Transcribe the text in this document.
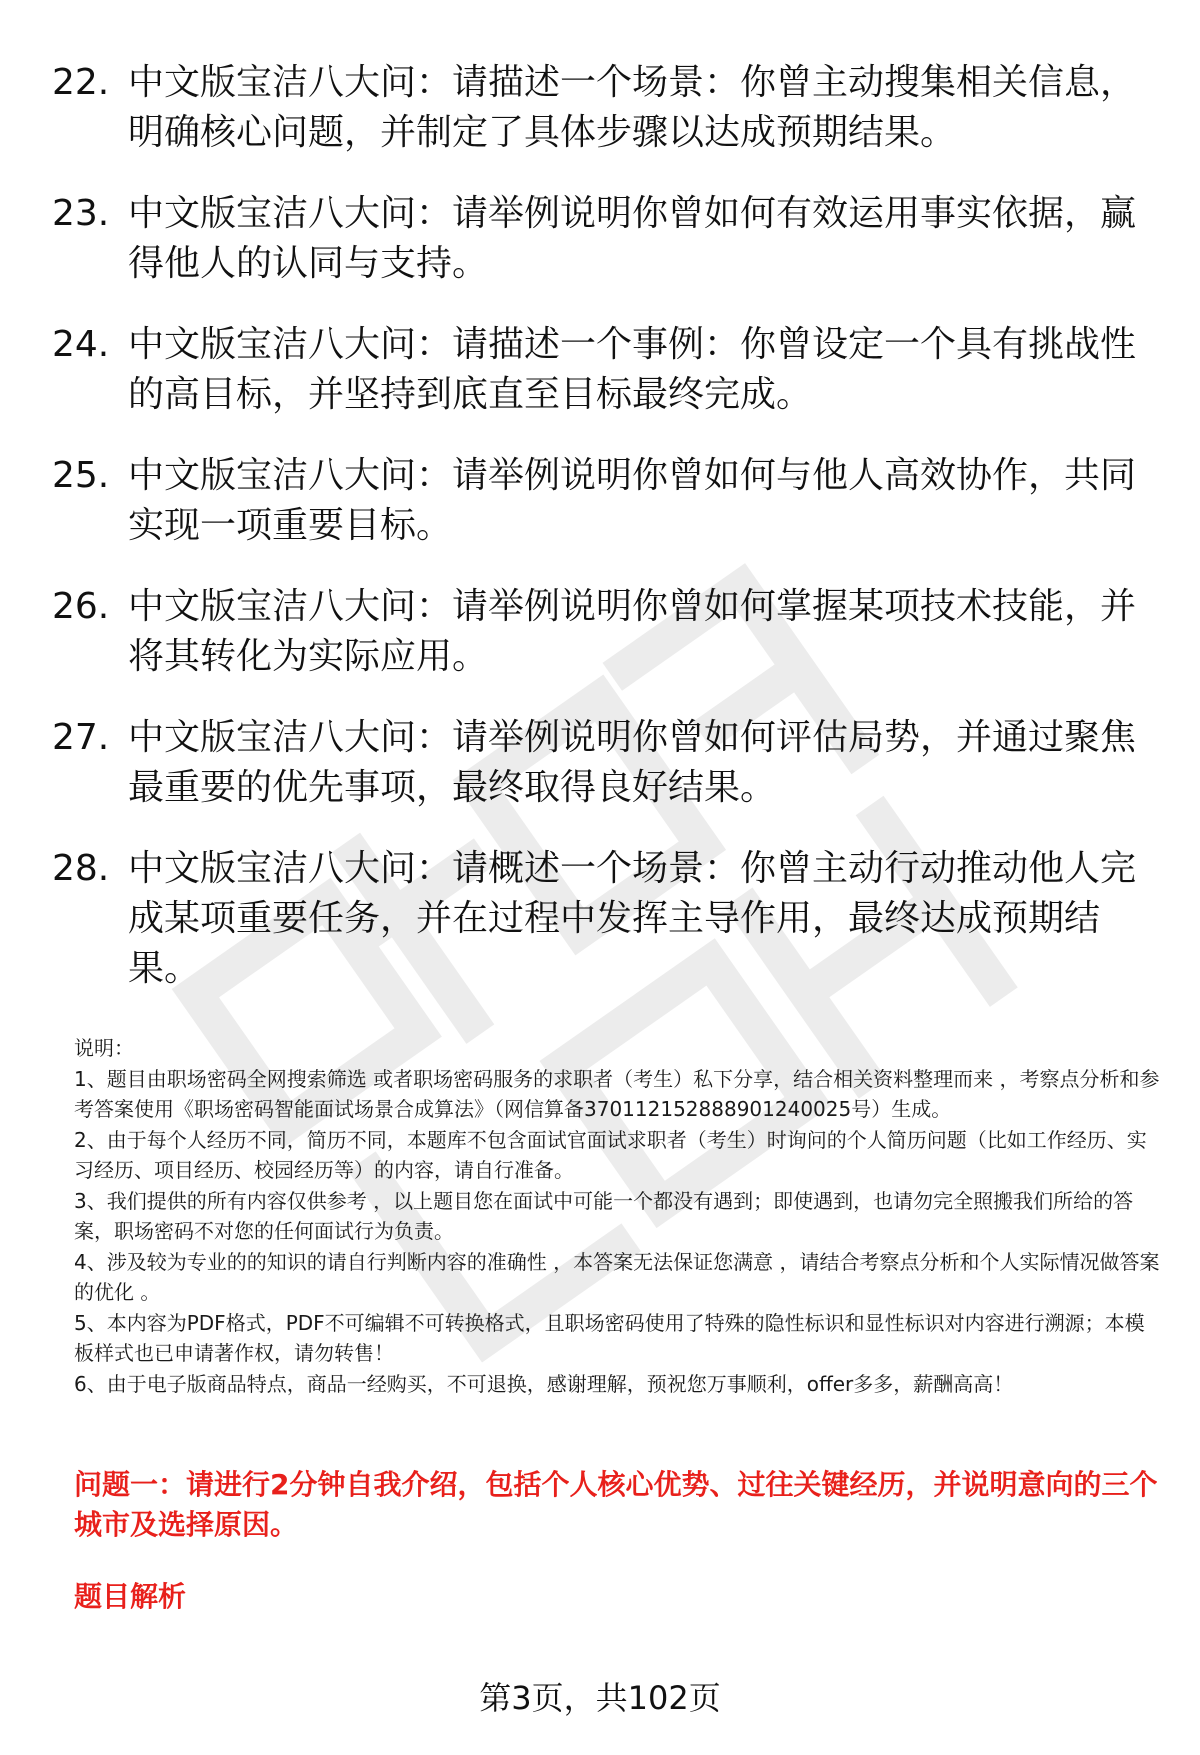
22. 中文版宝洁八大问：请描述一个场景：你曾主动搜集相关信息，明确核心问题，并制定了具体步骤以达成预期结果。
23. 中文版宝洁八大问：请举例说明你曾如何有效运用事实依据，赢得他人的认同与支持。
24. 中文版宝洁八大问：请描述一个事例：你曾设定一个具有挑战性的高目标，并坚持到底直至目标最终完成。
25. 中文版宝洁八大问：请举例说明你曾如何与他人高效协作，共同实现一项重要目标。
26. 中文版宝洁八大问：请举例说明你曾如何掌握某项技术技能，并将其转化为实际应用。
27. 中文版宝洁八大问：请举例说明你曾如何评估局势，并通过聚焦最重要的优先事项，最终取得良好结果。
28. 中文版宝洁八大问：请概述一个场景：你曾主动行动推动他人完成某项重要任务，并在过程中发挥主导作用，最终达成预期结果。

说明：

1、题目由职场密码全网搜索筛选 或者职场密码服务的求职者（考生）私下分享，结合相关资料整理而来 ，考察点分析和参考答案使用《职场密码智能面试场景合成算法》（网信算备370112152888901240025号）生成。

2、由于每个人经历不同，简历不同，本题库不包含面试官面试求职者（考生）时询问的个人简历问题（比如工作经历、实习经历、项目经历、校园经历等）的内容，请自行准备。

3、我们提供的所有内容仅供参考 ，以上题目您在面试中可能一个都没有遇到；即使遇到，也请勿完全照搬我们所给的答案，职场密码不对您的任何面试行为负责。

4、涉及较为专业的的知识的请自行判断内容的准确性 ，本答案无法保证您满意 ，请结合考察点分析和个人实际情况做答案的优化 。

5、本内容为PDF格式，PDF不可编辑不可转换格式，且职场密码使用了特殊的隐性标识和显性标识对内容进行溯源；本模板样式也已申请著作权，请勿转售！

6、由于电子版商品特点，商品一经购买，不可退换，感谢理解，预祝您万事顺利，offer多多，薪酬高高！

问题一：请进行2分钟自我介绍，包括个人核心优势、过往关键经历，并说明意向的三个城市及选择原因。
题目解析
第3页，共102页
